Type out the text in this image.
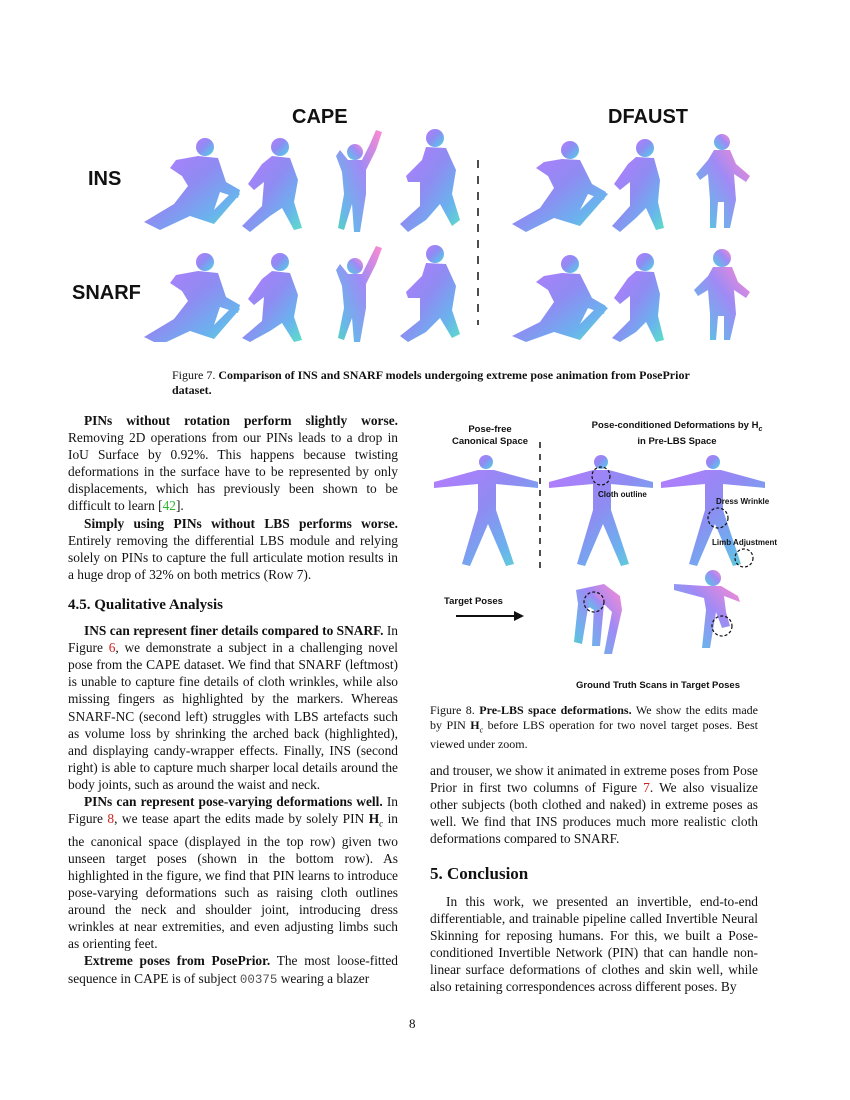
CAPE	DFAUST
INS
SNARF
Figure 7. Comparison of INS and SNARF models undergoing extreme pose animation from PosePrior dataset.

PINs without rotation perform slightly worse. Removing 2D operations from our PINs leads to a drop in IoU Surface by 0.92%. This happens because twisting deformations in the surface have to be represented by only displacements, which has previously been shown to be difficult to learn [42].

Simply using PINs without LBS performs worse. Entirely removing the differential LBS module and relying solely on PINs to capture the full articulate motion results in a huge drop of 32% on both metrics (Row 7).

4.5. Qualitative Analysis

INS can represent finer details compared to SNARF. In Figure 6, we demonstrate a subject in a challenging novel pose from the CAPE dataset. We find that SNARF (leftmost) is unable to capture fine details of cloth wrinkles, while also missing fingers as highlighted by the markers. Whereas SNARF-NC (second left) struggles with LBS artefacts such as volume loss by shrinking the arched back (highlighted), and displaying candy-wrapper effects. Finally, INS (second right) is able to capture much sharper local details around the body joints, such as around the waist and neck.

PINs can represent pose-varying deformations well. In Figure 8, we tease apart the edits made by solely PIN $H_c$ in the canonical space (displayed in the top row) given two unseen target poses (shown in the bottom row). As highlighted in the figure, we find that PIN learns to introduce pose-varying deformations such as raising cloth outlines around the neck and shoulder joint, introducing dress wrinkles at near extremities, and even adjusting limbs such as orienting feet.

Extreme poses from PosePrior. The most loose-fitted sequence in CAPE is of subject 00375 wearing a blazer

Pose-free
Canonical Space
Pose-conditioned Deformations by $H_c$
in Pre-LBS Space
Cloth outline
Dress Wrinkle
Limb Adjustment
Target Poses
Ground Truth Scans in Target Poses
Figure 8. Pre-LBS space deformations. We show the edits made by PIN $H_c$ before LBS operation for two novel target poses. Best viewed under zoom.

and trouser, we show it animated in extreme poses from Pose Prior in first two columns of Figure 7. We also visualize other subjects (both clothed and naked) in extreme poses as well. We find that INS produces much more realistic cloth deformations compared to SNARF.

5. Conclusion

In this work, we presented an invertible, end-to-end differentiable, and trainable pipeline called Invertible Neural Skinning for reposing humans. For this, we built a Pose-conditioned Invertible Network (PIN) that can handle non-linear surface deformations of clothes and skin well, while also retaining correspondences across different poses. By

8
